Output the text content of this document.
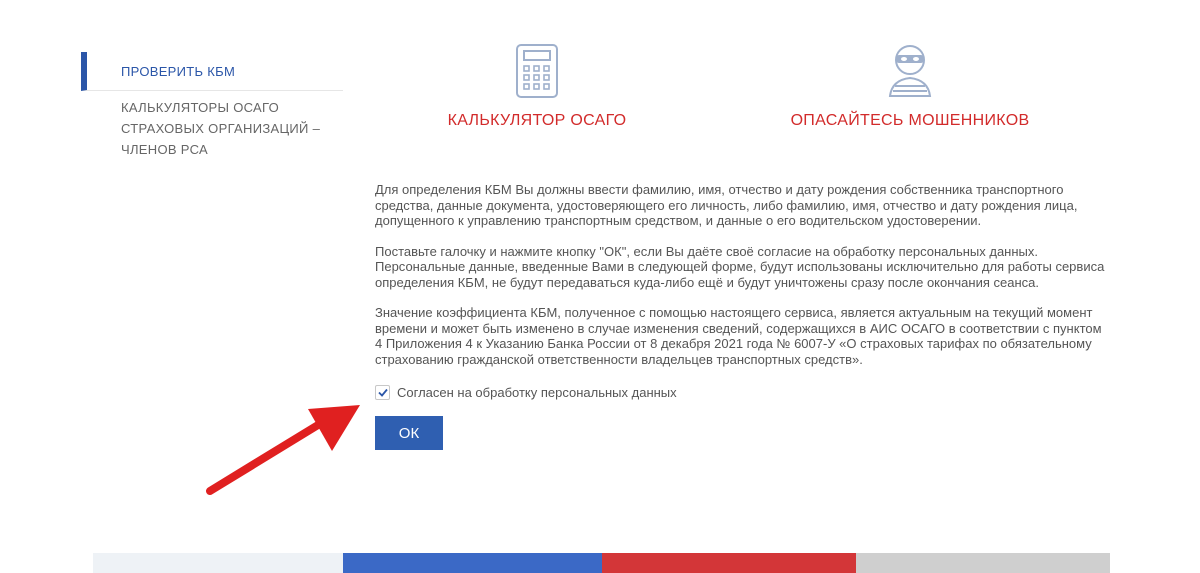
ПРОВЕРИТЬ КБМ
КАЛЬКУЛЯТОРЫ ОСАГО СТРАХОВЫХ ОРГАНИЗАЦИЙ – ЧЛЕНОВ РСА
КАЛЬКУЛЯТОР ОСАГО	ОПАСАЙТЕСЬ МОШЕННИКОВ

Для определения КБМ Вы должны ввести фамилию, имя, отчество и дату рождения собственника транспортного средства, данные документа, удостоверяющего его личность, либо фамилию, имя, отчество и дату рождения лица, допущенного к управлению транспортным средством, и данные о его водительском удостоверении.

Поставьте галочку и нажмите кнопку "ОК", если Вы даёте своё согласие на обработку персональных данных. Персональные данные, введенные Вами в следующей форме, будут использованы исключительно для работы сервиса определения КБМ, не будут передаваться куда-либо ещё и будут уничтожены сразу после окончания сеанса.

Значение коэффициента КБМ, полученное с помощью настоящего сервиса, является актуальным на текущий момент времени и может быть изменено в случае изменения сведений, содержащихся в АИС ОСАГО в соответствии с пунктом 4 Приложения 4 к Указанию Банка России от 8 декабря 2021 года № 6007-У «О страховых тарифах по обязательному страхованию гражданской ответственности владельцев транспортных средств».

Согласен на обработку персональных данных
ОК
